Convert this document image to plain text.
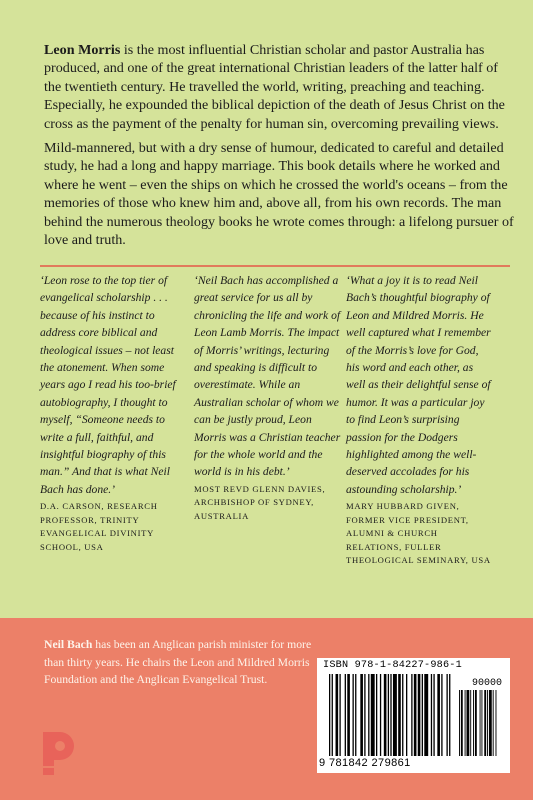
Leon Morris is the most influential Christian scholar and pastor Australia has produced, and one of the great international Christian leaders of the latter half of the twentieth century. He travelled the world, writing, preaching and teaching. Especially, he expounded the biblical depiction of the death of Jesus Christ on the cross as the payment of the penalty for human sin, overcoming prevailing views.

Mild-mannered, but with a dry sense of humour, dedicated to careful and detailed study, he had a long and happy marriage. This book details where he worked and where he went – even the ships on which he crossed the world's oceans – from the memories of those who knew him and, above all, from his own records. The man behind the numerous theology books he wrote comes through: a lifelong pursuer of love and truth.

‘Leon rose to the top tier of evangelical scholarship . . . because of his instinct to address core biblical and theological issues – not least the atonement. When some years ago I read his too-brief autobiography, I thought to myself, “Someone needs to write a full, faithful, and insightful biography of this man.” And that is what Neil Bach has done.’

D.A. CARSON, RESEARCH PROFESSOR, TRINITY EVANGELICAL DIVINITY SCHOOL, USA

‘Neil Bach has accomplished a great service for us all by chronicling the life and work of Leon Lamb Morris. The impact of Morris’ writings, lecturing and speaking is difficult to overestimate. While an Australian scholar of whom we can be justly proud, Leon Morris was a Christian teacher for the whole world and the world is in his debt.’

MOST REVD GLENN DAVIES, ARCHBISHOP OF SYDNEY, AUSTRALIA

‘What a joy it is to read Neil Bach’s thoughtful biography of Leon and Mildred Morris. He well captured what I remember of the Morris’s love for God, his word and each other, as well as their delightful sense of humor. It was a particular joy to find Leon’s surprising passion for the Dodgers highlighted among the well-deserved accolades for his astounding scholarship.’

MARY HUBBARD GIVEN, FORMER VICE PRESIDENT, ALUMNI & CHURCH RELATIONS, FULLER THEOLOGICAL SEMINARY, USA

Neil Bach has been an Anglican parish minister for more than thirty years. He chairs the Leon and Mildred Morris Foundation and the Anglican Evangelical Trust.

ISBN 978-1-84227-986-1
90000
9 781842 279861
